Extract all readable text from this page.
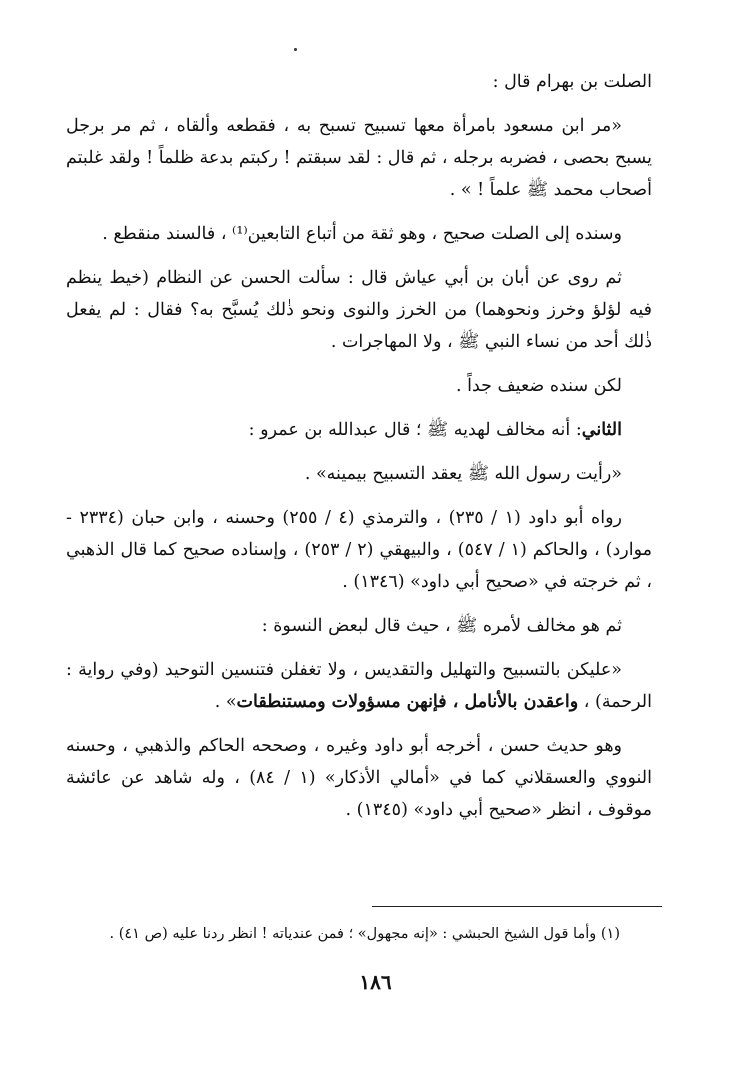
الصلت بن بهرام قال :

«مر ابن مسعود بامرأة معها تسبيح تسبح به ، فقطعه وألقاه ، ثم مر برجل يسبح بحصى ، فضربه برجله ، ثم قال : لقد سبقتم ! ركبتم بدعة ظلماً ! ولقد غلبتم أصحاب محمد ﷺ علماً ! » .

وسنده إلى الصلت صحيح ، وهو ثقة من أتباع التابعين⁽¹⁾ ، فالسند منقطع .

ثم روى عن أبان بن أبي عياش قال : سألت الحسن عن النظام (خيط ينظم فيه لؤلؤ وخرز ونحوهما) من الخرز والنوى ونحو ذٰلك يُسبَّح به؟ فقال : لم يفعل ذٰلك أحد من نساء النبي ﷺ ، ولا المهاجرات .

لكن سنده ضعيف جداً .

الثاني: أنه مخالف لهديه ﷺ ؛ قال عبدالله بن عمرو :

«رأيت رسول الله ﷺ يعقد التسبيح بيمينه» .

رواه أبو داود (١ / ٢٣٥) ، والترمذي (٤ / ٢٥٥) وحسنه ، وابن حبان (٢٣٣٤ - موارد) ، والحاكم (١ / ٥٤٧) ، والبيهقي (٢ / ٢٥٣) ، وإسناده صحيح كما قال الذهبي ، ثم خرجته في «صحيح أبي داود» (١٣٤٦) .

ثم هو مخالف لأمره ﷺ ، حيث قال لبعض النسوة :

«عليكن بالتسبيح والتهليل والتقديس ، ولا تغفلن فتنسين التوحيد (وفي رواية : الرحمة) ، واعقدن بالأنامل ، فإنهن مسؤولات ومستنطقات» .

وهو حديث حسن ، أخرجه أبو داود وغيره ، وصححه الحاكم والذهبي ، وحسنه النووي والعسقلاني كما في «أمالي الأذكار» (١ / ٨٤) ، وله شاهد عن عائشة موقوف ، انظر «صحيح أبي داود» (١٣٤٥) .

(١) وأما قول الشيخ الحبشي : «إنه مجهول» ؛ فمن عندياته ! انظر ردنا عليه (ص ٤١) .
١٨٦
